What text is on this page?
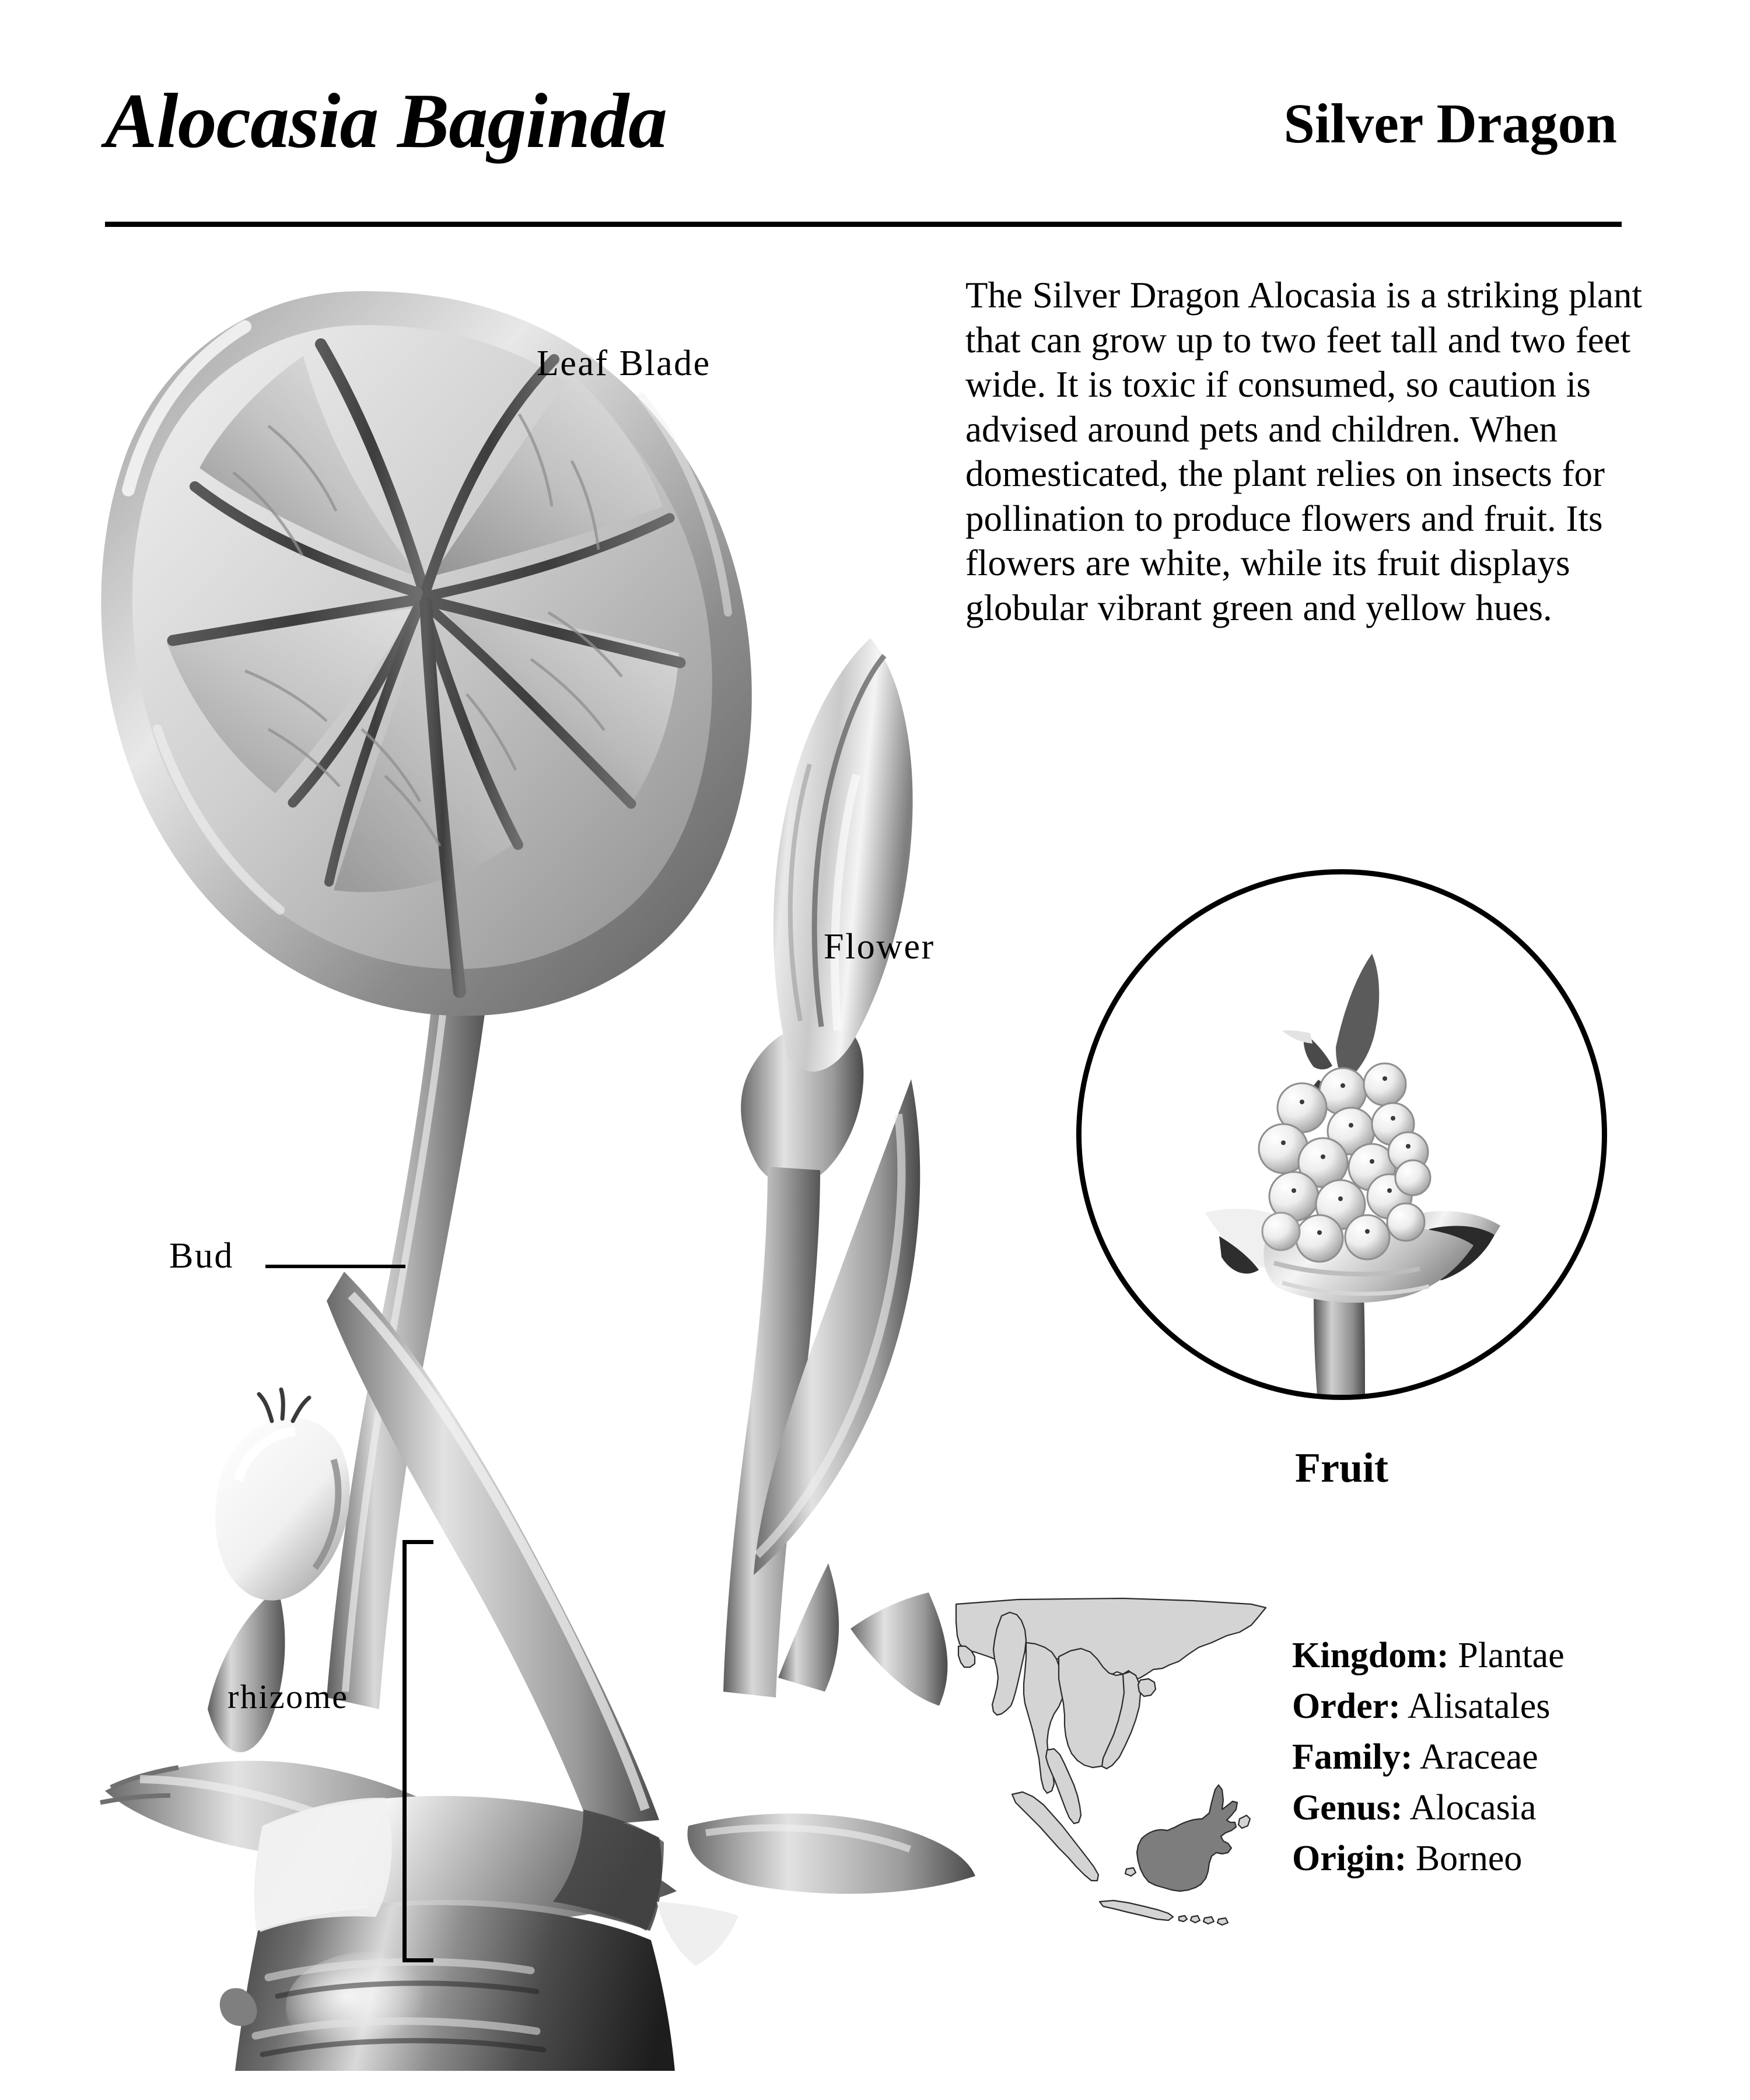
Alocasia Baginda	Silver Dragon
The Silver Dragon Alocasia is a striking plant that can grow up to two feet tall and two feet wide. It is toxic if consumed, so caution is advised around pets and children. When domesticated, the plant relies on insects for pollination to produce flowers and fruit. Its flowers are white, while its fruit displays globular vibrant green and yellow hues.
Leaf Blade
Flower
Bud
rhizome
Fruit
Kingdom: Plantae
Order: Alisatales
Family: Araceae
Genus: Alocasia
Origin: Borneo
